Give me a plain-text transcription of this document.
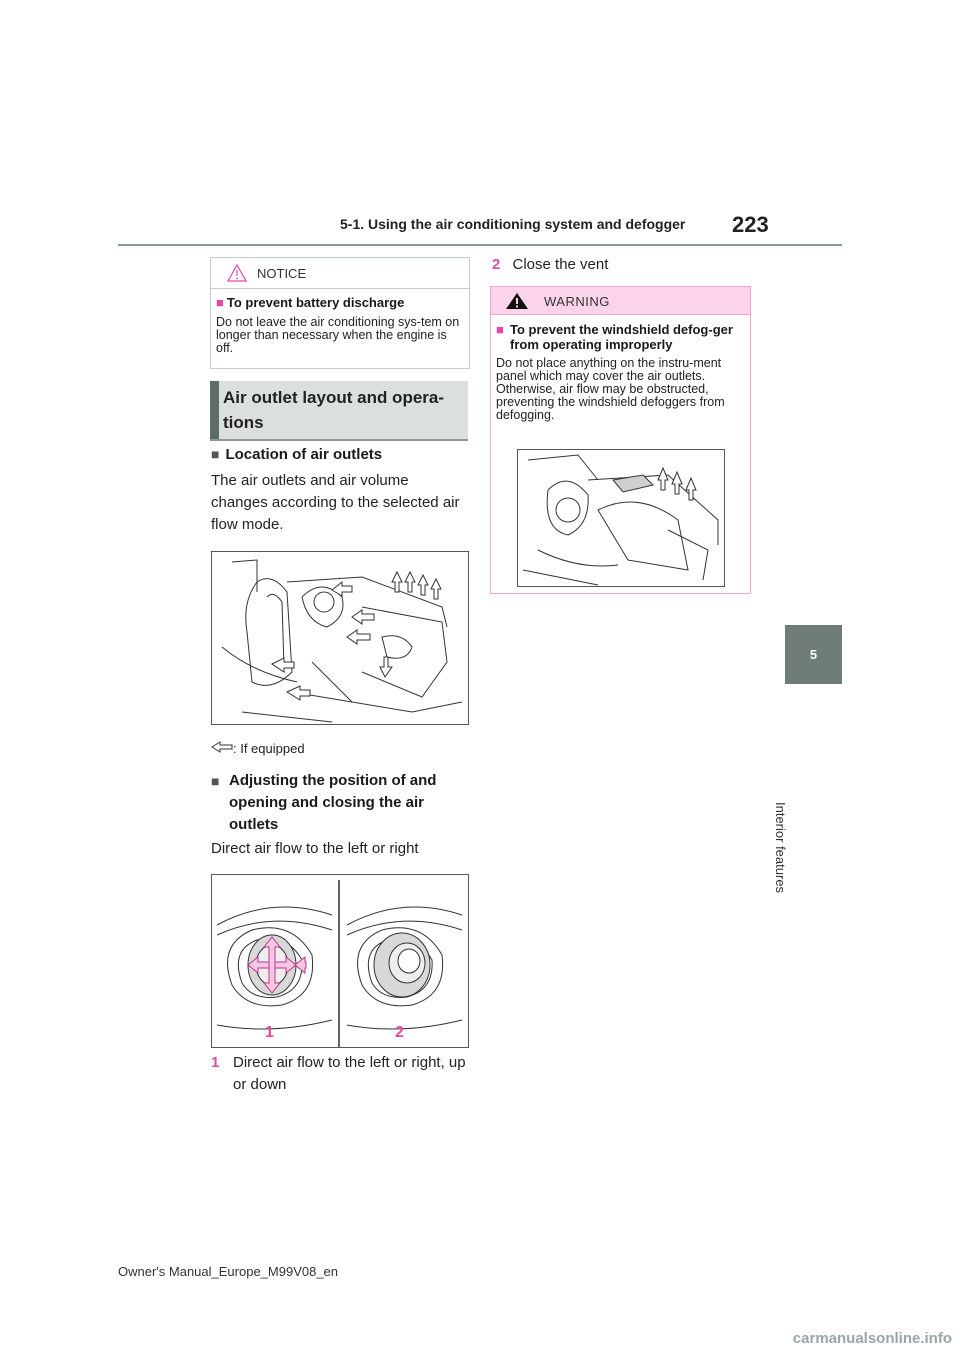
5-1. Using the air conditioning system and defogger 223
5
Interior features
NOTICE
■ To prevent battery discharge
Do not leave the air conditioning sys-tem on longer than necessary when the engine is off.
Air outlet layout and opera-tions
■ Location of air outlets
The air outlets and air volume changes according to the selected air flow mode.
: If equipped
■ Adjusting the position of and opening and closing the air outlets
Direct air flow to the left or right
1	2
1 Direct air flow to the left or right, up or down
2 Close the vent
WARNING
■ To prevent the windshield defog-ger from operating improperly
Do not place anything on the instru-ment panel which may cover the air outlets. Otherwise, air flow may be obstructed, preventing the windshield defoggers from defogging.
Owner's Manual_Europe_M99V08_en
carmanualsonline.info
